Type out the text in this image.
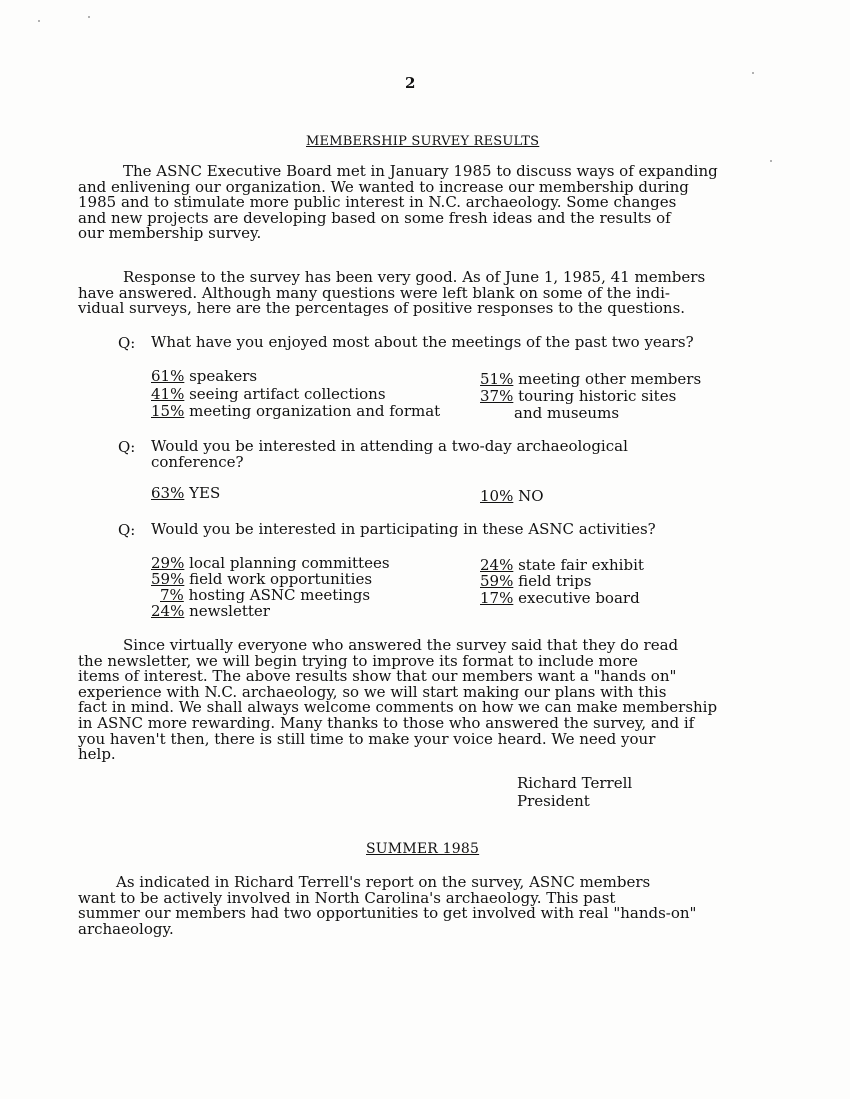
2
MEMBERSHIP SURVEY RESULTS
The ASNC Executive Board met in January 1985 to discuss ways of expanding
and enlivening our organization. We wanted to increase our membership during
1985 and to stimulate more public interest in N.C. archaeology. Some changes
and new projects are developing based on some fresh ideas and the results of
our membership survey.
Response to the survey has been very good. As of June 1, 1985, 41 members
have answered. Although many questions were left blank on some of the indi-
vidual surveys, here are the percentages of positive responses to the questions.
Q: What have you enjoyed most about the meetings of the past two years?
61% speakers
41% seeing artifact collections
15% meeting organization and format
51% meeting other members
37% touring historic sites
and museums
Q: Would you be interested in attending a two-day archaeological
conference?
63% YES	10% NO
Q: Would you be interested in participating in these ASNC activities?
29% local planning committees
59% field work opportunities
7% hosting ASNC meetings
24% newsletter
24% state fair exhibit
59% field trips
17% executive board
Since virtually everyone who answered the survey said that they do read
the newsletter, we will begin trying to improve its format to include more
items of interest. The above results show that our members want a "hands on"
experience with N.C. archaeology, so we will start making our plans with this
fact in mind. We shall always welcome comments on how we can make membership
in ASNC more rewarding. Many thanks to those who answered the survey, and if
you haven't then, there is still time to make your voice heard. We need your
help.
Richard Terrell
President
SUMMER 1985
As indicated in Richard Terrell's report on the survey, ASNC members
want to be actively involved in North Carolina's archaeology. This past
summer our members had two opportunities to get involved with real "hands-on"
archaeology.
